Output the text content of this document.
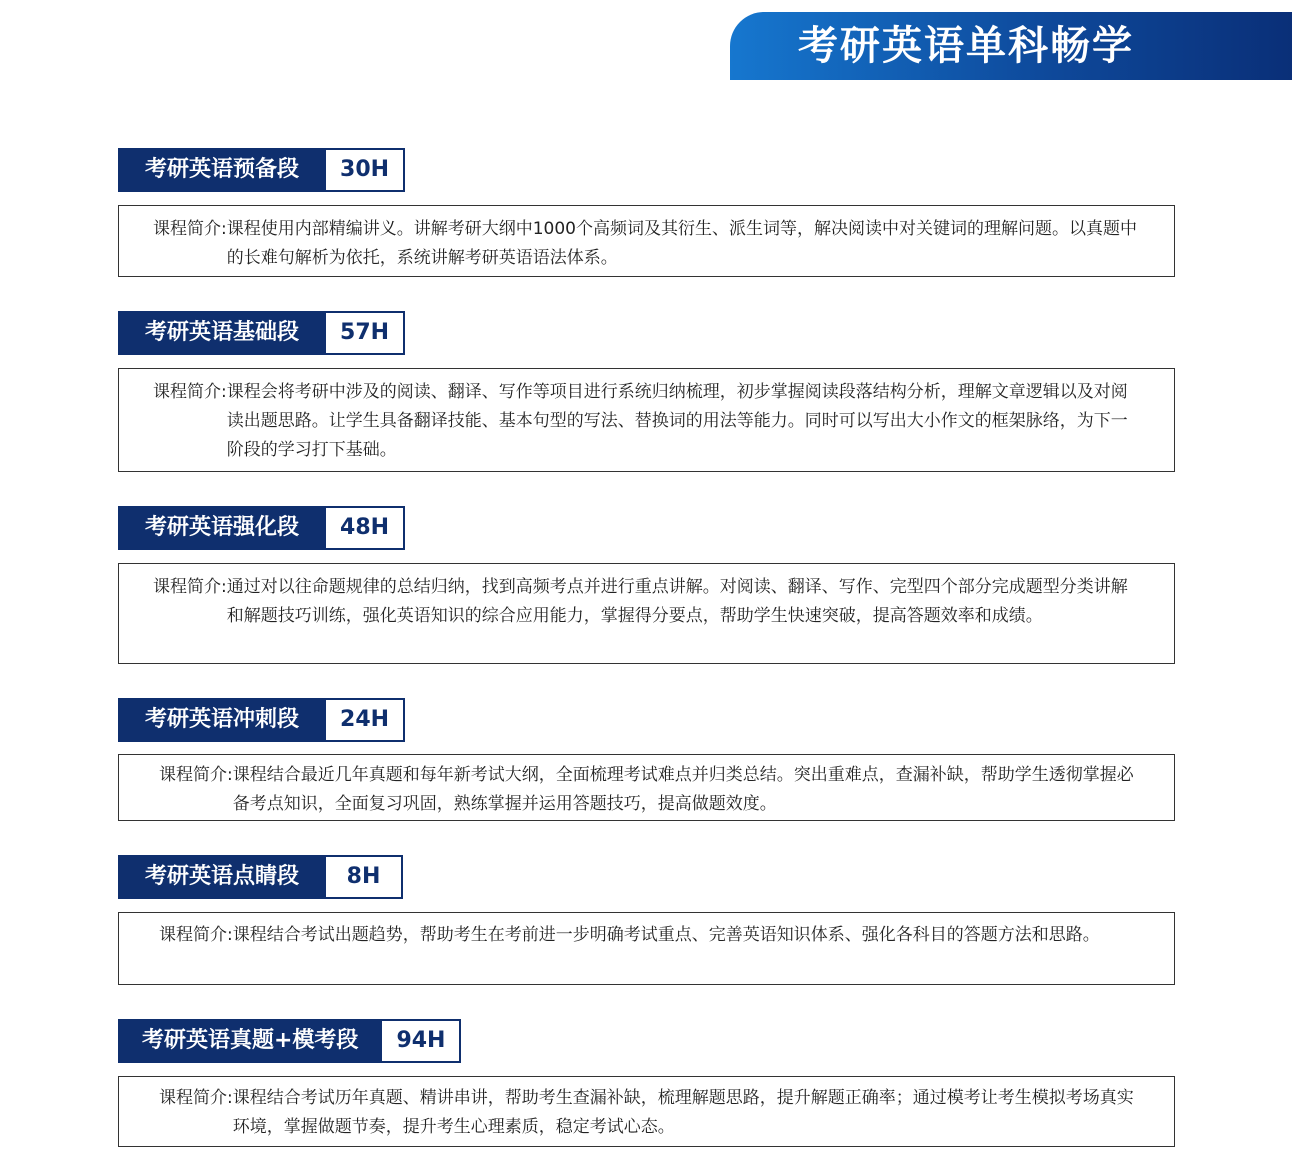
考研英语单科畅学
考研英语预备段	30H
课程简介: 课程使用内部精编讲义。讲解考研大纲中1000个高频词及其衍生、派生词等，解决阅读中对关键词的理解问题。以真题中的长难句解析为依托，系统讲解考研英语语法体系。
考研英语基础段	57H
课程简介: 课程会将考研中涉及的阅读、翻译、写作等项目进行系统归纳梳理，初步掌握阅读段落结构分析，理解文章逻辑以及对阅读出题思路。让学生具备翻译技能、基本句型的写法、替换词的用法等能力。同时可以写出大小作文的框架脉络，为下一阶段的学习打下基础。
考研英语强化段	48H
课程简介: 通过对以往命题规律的总结归纳，找到高频考点并进行重点讲解。对阅读、翻译、写作、完型四个部分完成题型分类讲解和解题技巧训练，强化英语知识的综合应用能力，掌握得分要点，帮助学生快速突破，提高答题效率和成绩。
考研英语冲刺段	24H
课程简介: 课程结合最近几年真题和每年新考试大纲，全面梳理考试难点并归类总结。突出重难点，查漏补缺，帮助学生透彻掌握必备考点知识，全面复习巩固，熟练掌握并运用答题技巧，提高做题效度。
考研英语点睛段	8H
课程简介: 课程结合考试出题趋势，帮助考生在考前进一步明确考试重点、完善英语知识体系、强化各科目的答题方法和思路。
考研英语真题+模考段	94H
课程简介: 课程结合考试历年真题、精讲串讲，帮助考生查漏补缺，梳理解题思路，提升解题正确率；通过模考让考生模拟考场真实环境，掌握做题节奏，提升考生心理素质，稳定考试心态。
